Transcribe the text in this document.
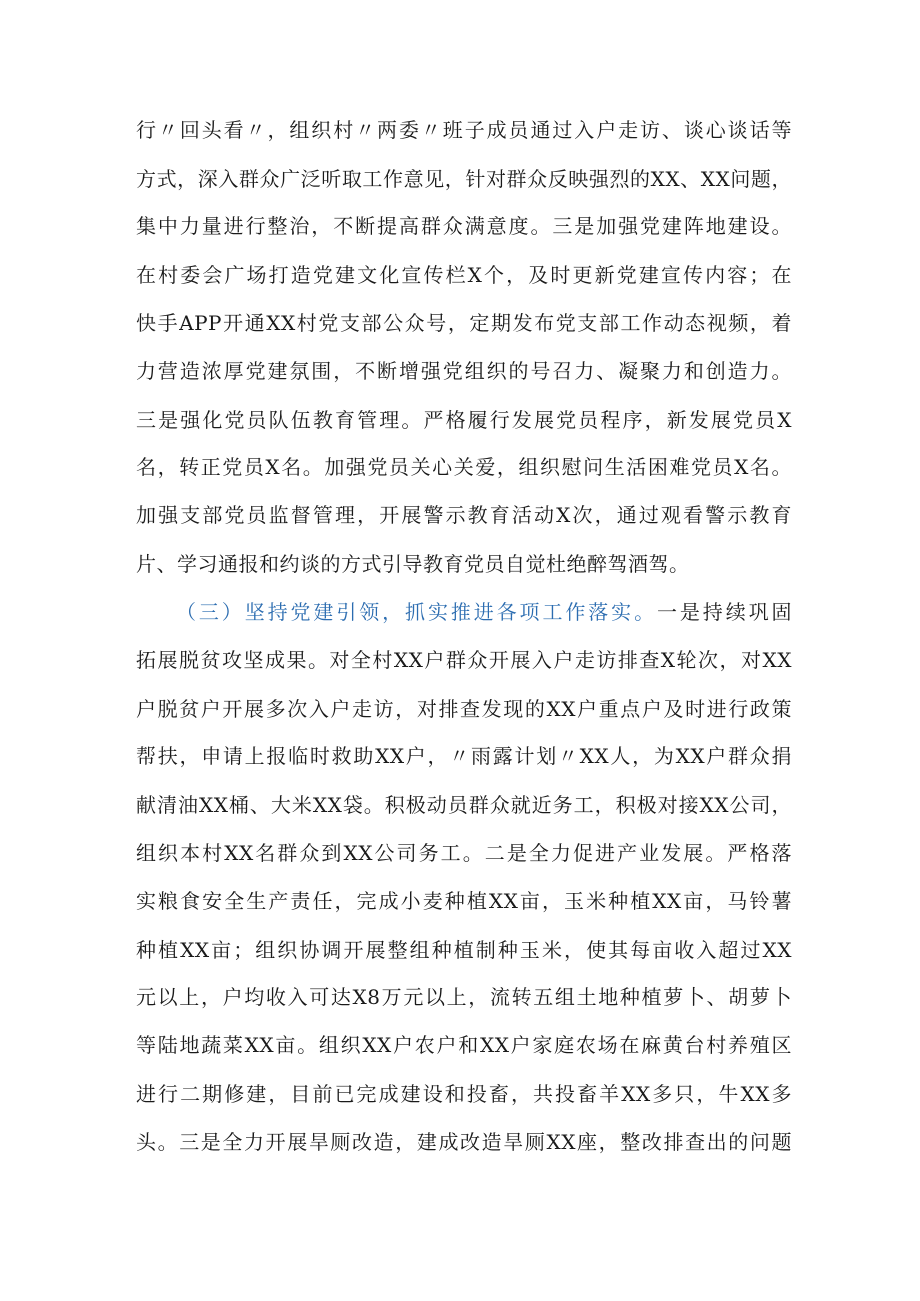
行〃回头看〃，组织村〃两委〃班子成员通过入户走访、谈心谈话等
方式，深入群众广泛听取工作意见，针对群众反映强烈的XX、XX问题，
集中力量进行整治，不断提高群众满意度。三是加强党建阵地建设。
在村委会广场打造党建文化宣传栏X个，及时更新党建宣传内容；在
快手APP开通XX村党支部公众号，定期发布党支部工作动态视频，着
力营造浓厚党建氛围，不断增强党组织的号召力、凝聚力和创造力。
三是强化党员队伍教育管理。严格履行发展党员程序，新发展党员X
名，转正党员X名。加强党员关心关爱，组织慰问生活困难党员X名。
加强支部党员监督管理，开展警示教育活动X次，通过观看警示教育
片、学习通报和约谈的方式引导教育党员自觉杜绝醉驾酒驾。
（三）坚持党建引领，抓实推进各项工作落实。一是持续巩固
拓展脱贫攻坚成果。对全村XX户群众开展入户走访排查X轮次，对XX
户脱贫户开展多次入户走访，对排查发现的XX户重点户及时进行政策
帮扶，申请上报临时救助XX户，〃雨露计划〃XX人，为XX户群众捐
献清油XX桶、大米XX袋。积极动员群众就近务工，积极对接XX公司，
组织本村XX名群众到XX公司务工。二是全力促进产业发展。严格落
实粮食安全生产责任，完成小麦种植XX亩，玉米种植XX亩，马铃薯
种植XX亩；组织协调开展整组种植制种玉米，使其每亩收入超过XX
元以上，户均收入可达X8万元以上，流转五组土地种植萝卜、胡萝卜
等陆地蔬菜XX亩。组织XX户农户和XX户家庭农场在麻黄台村养殖区
进行二期修建，目前已完成建设和投畜，共投畜羊XX多只，牛XX多
头。三是全力开展旱厕改造，建成改造旱厕XX座，整改排查出的问题
